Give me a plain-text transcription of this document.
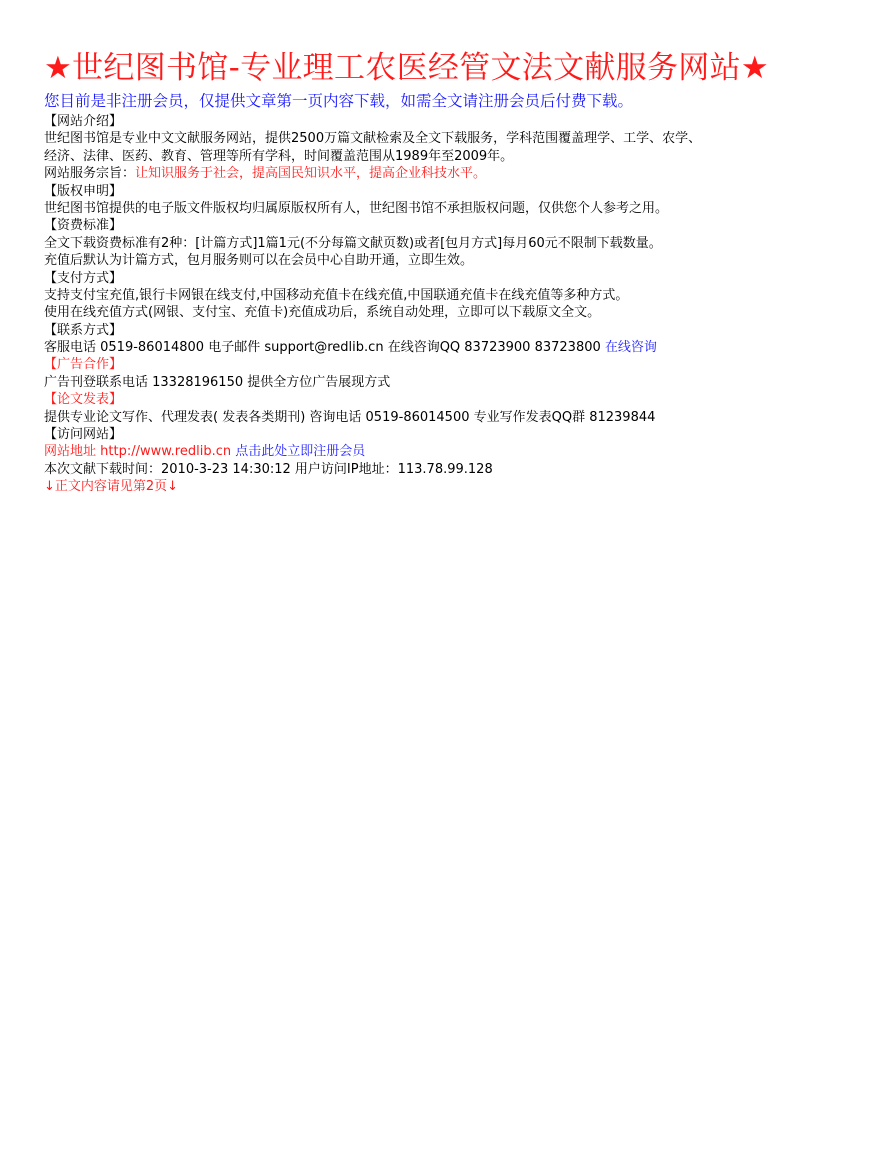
★世纪图书馆-专业理工农医经管文法文献服务网站★
您目前是非注册会员，仅提供文章第一页内容下载，如需全文请注册会员后付费下载。
【网站介绍】
世纪图书馆是专业中文文献服务网站，提供2500万篇文献检索及全文下载服务，学科范围覆盖理学、工学、农学、
经济、法律、医药、教育、管理等所有学科，时间覆盖范围从1989年至2009年。
网站服务宗旨：让知识服务于社会，提高国民知识水平，提高企业科技水平。
【版权申明】
世纪图书馆提供的电子版文件版权均归属原版权所有人，世纪图书馆不承担版权问题，仅供您个人参考之用。
【资费标准】
全文下载资费标准有2种：[计篇方式]1篇1元(不分每篇文献页数)或者[包月方式]每月60元不限制下载数量。
充值后默认为计篇方式，包月服务则可以在会员中心自助开通，立即生效。
【支付方式】
支持支付宝充值,银行卡网银在线支付,中国移动充值卡在线充值,中国联通充值卡在线充值等多种方式。
使用在线充值方式(网银、支付宝、充值卡)充值成功后，系统自动处理，立即可以下载原文全文。
【联系方式】
客服电话 0519-86014800 电子邮件 support@redlib.cn 在线咨询QQ 83723900 83723800 在线咨询
【广告合作】
广告刊登联系电话 13328196150 提供全方位广告展现方式
【论文发表】
提供专业论文写作、代理发表( 发表各类期刊) 咨询电话 0519-86014500 专业写作发表QQ群 81239844
【访问网站】
网站地址 http://www.redlib.cn 点击此处立即注册会员
本次文献下载时间：2010-3-23 14:30:12 用户访问IP地址：113.78.99.128
↓正文内容请见第2页↓
